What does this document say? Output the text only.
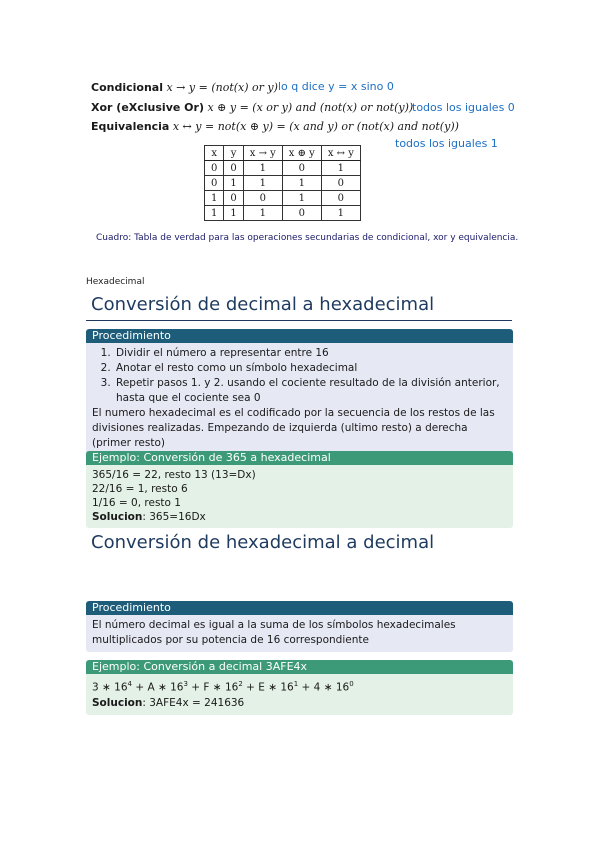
Condicional x → y = (not(x) or y) lo q dice y = x sino 0
Xor (eXclusive Or) x ⊕ y = (x or y) and (not(x) or not(y))
todos los iguales 0
Equivalencia x ↔ y = not(x ⊕ y) = (x and y) or (not(x) and not(y))
todos los iguales 1
x	y	x → y	x ⊕ y	x ↔ y
0	0	1	0	1
0	1	1	1	0
1	0	0	1	0
1	1	1	0	1
Cuadro: Tabla de verdad para las operaciones secundarias de condicional, xor y equivalencia.
Hexadecimal
Conversión de decimal a hexadecimal
Procedimiento
1. Dividir el número a representar entre 16
2. Anotar el resto como un símbolo hexadecimal
3. Repetir pasos 1. y 2. usando el cociente resultado de la división anterior, hasta que el cociente sea 0
El numero hexadecimal es el codificado por la secuencia de los restos de las divisiones realizadas. Empezando de izquierda (ultimo resto) a derecha (primer resto)
Ejemplo: Conversión de 365 a hexadecimal
365/16 = 22, resto 13 (13=Dx)
22/16 = 1, resto 6
1/16 = 0, resto 1
Solucion: 365=16Dx
Conversión de hexadecimal a decimal
Procedimiento
El número decimal es igual a la suma de los símbolos hexadecimales multiplicados por su potencia de 16 correspondiente
Ejemplo: Conversión a decimal 3AFE4x
3 ∗ $16^4 + A$ ∗ $16^3 + F$ ∗ $16^2 + E$ ∗ $16^1 + 4$ ∗ $16^0$
Solucion: 3AFE4x = 241636
